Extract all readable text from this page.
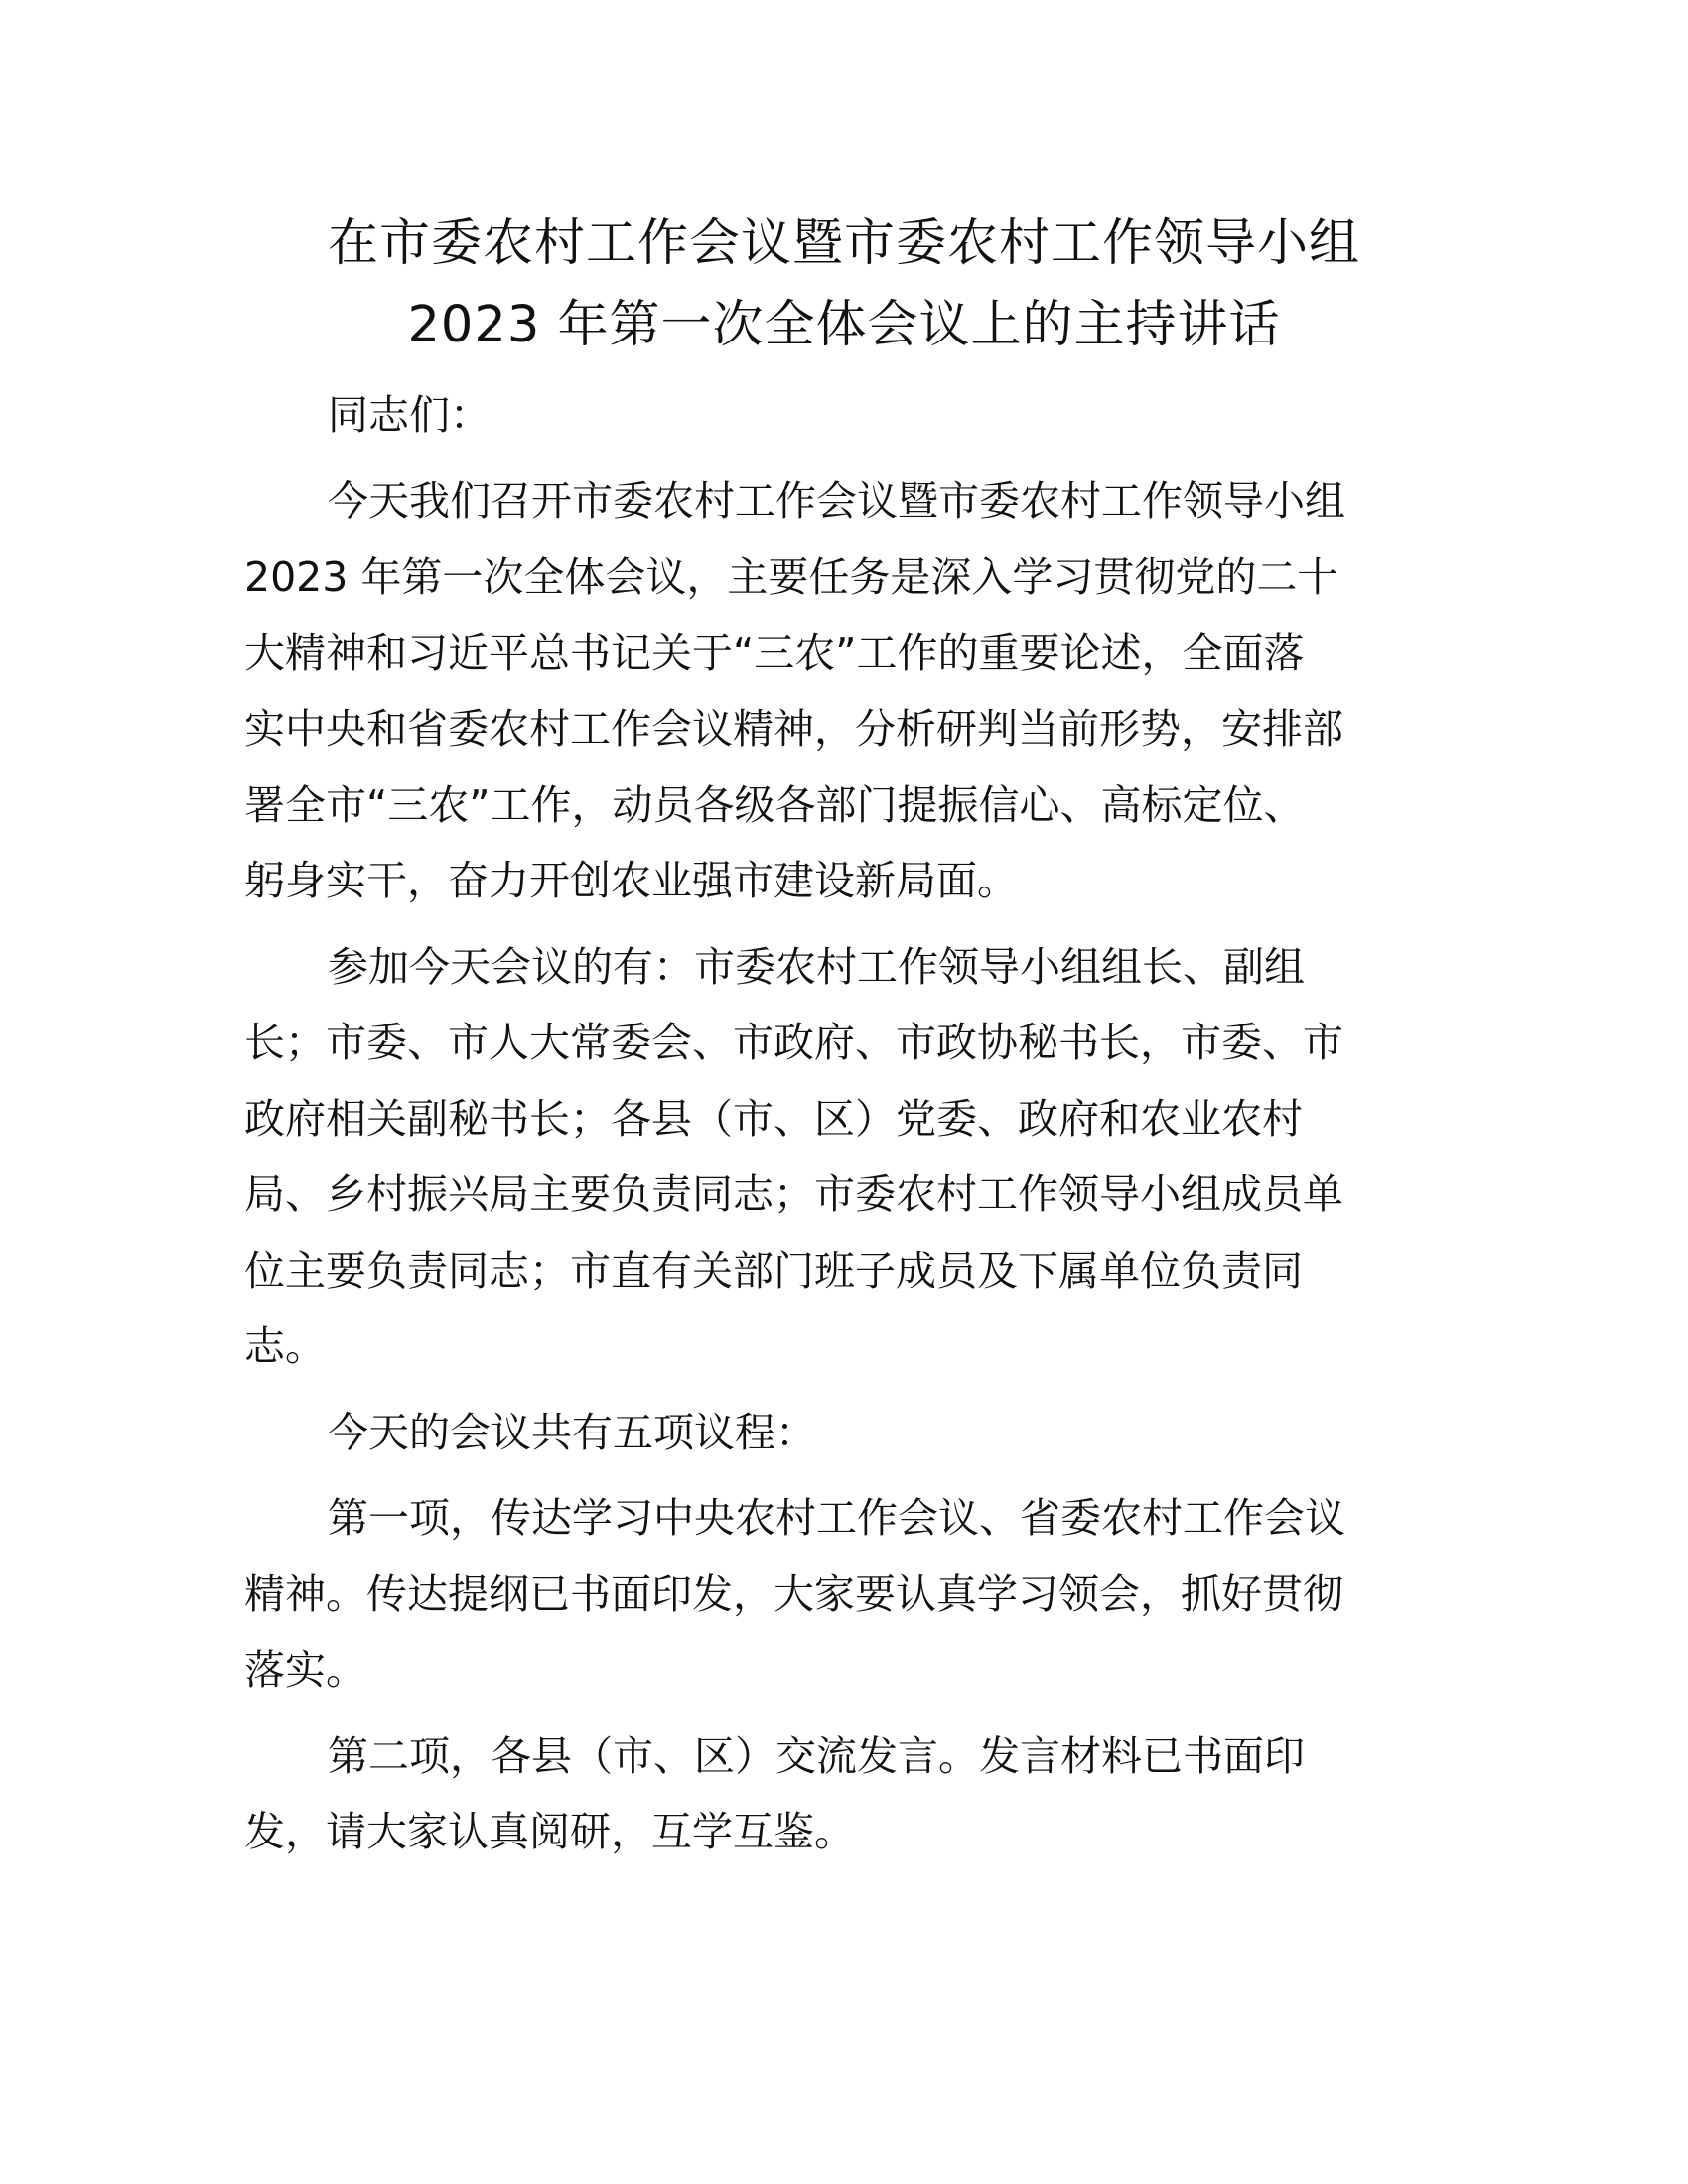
在市委农村工作会议暨市委农村工作领导小组
2023 年第一次全体会议上的主持讲话

同志们：

今天我们召开市委农村工作会议暨市委农村工作领导小组
2023 年第一次全体会议，主要任务是深入学习贯彻党的二十
大精神和习近平总书记关于“三农”工作的重要论述，全面落
实中央和省委农村工作会议精神，分析研判当前形势，安排部
署全市“三农”工作，动员各级各部门提振信心、高标定位、
躬身实干，奋力开创农业强市建设新局面。

参加今天会议的有：市委农村工作领导小组组长、副组
长；市委、市人大常委会、市政府、市政协秘书长，市委、市
政府相关副秘书长；各县（市、区）党委、政府和农业农村
局、乡村振兴局主要负责同志；市委农村工作领导小组成员单
位主要负责同志；市直有关部门班子成员及下属单位负责同
志。

今天的会议共有五项议程：

第一项，传达学习中央农村工作会议、省委农村工作会议
精神。传达提纲已书面印发，大家要认真学习领会，抓好贯彻
落实。

第二项，各县（市、区）交流发言。发言材料已书面印
发，请大家认真阅研，互学互鉴。
